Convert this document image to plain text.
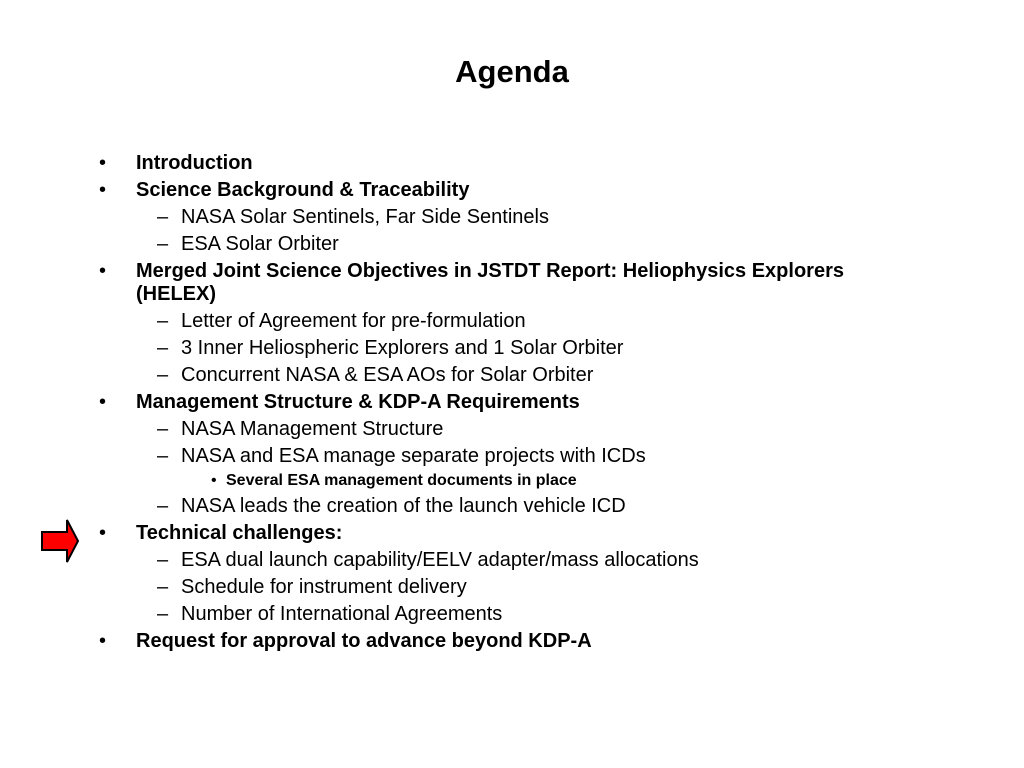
Agenda
• Introduction
• Science Background & Traceability
– NASA Solar Sentinels, Far Side Sentinels
– ESA Solar Orbiter
• Merged Joint Science Objectives in JSTDT Report: Heliophysics Explorers (HELEX)
– Letter of Agreement for pre-formulation
– 3 Inner Heliospheric Explorers and 1 Solar Orbiter
– Concurrent NASA & ESA AOs for Solar Orbiter
• Management Structure & KDP-A Requirements
– NASA Management Structure
– NASA and ESA manage separate projects with ICDs
• Several ESA management documents in place
– NASA leads the creation of the launch vehicle ICD
• Technical challenges:
– ESA dual launch capability/EELV adapter/mass allocations
– Schedule for instrument delivery
– Number of International Agreements
• Request for approval to advance beyond KDP-A
